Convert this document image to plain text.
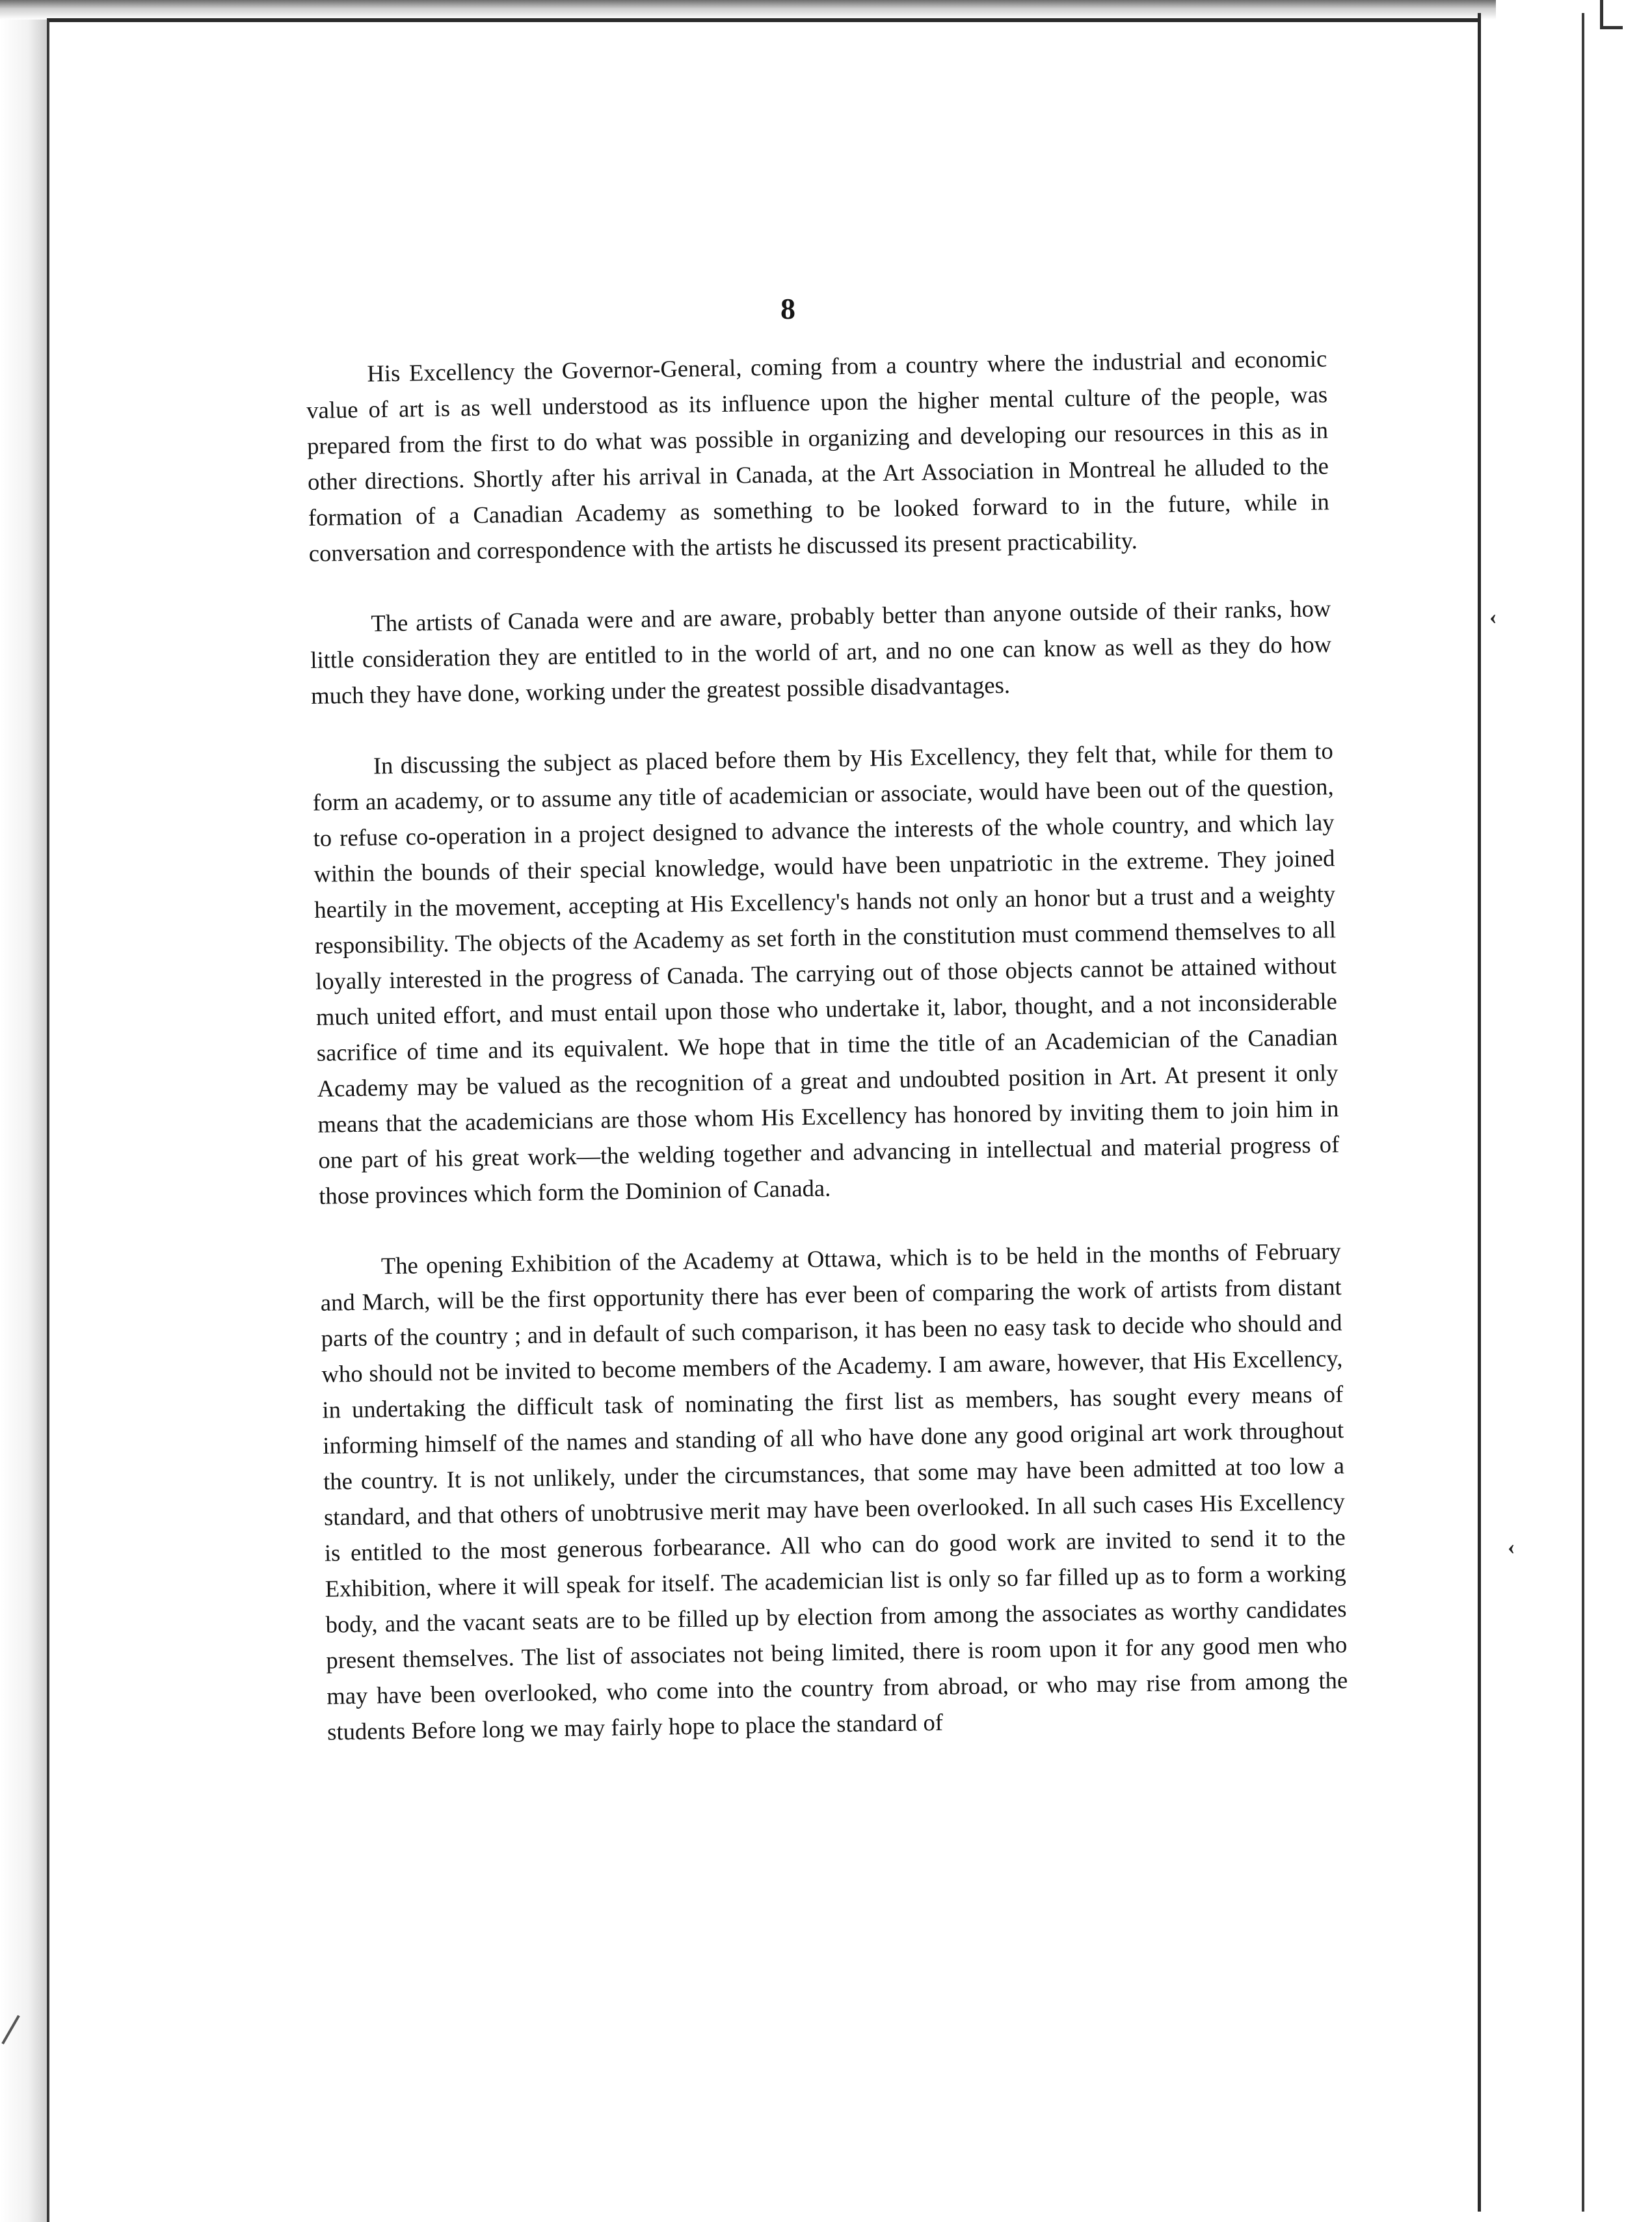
‹
‹
8

His Excellency the Governor-General, coming from a country where the industrial and economic value of art is as well understood as its influence upon the higher mental culture of the people, was prepared from the first to do what was possible in organizing and developing our resources in this as in other directions. Shortly after his arrival in Canada, at the Art Association in Montreal he alluded to the formation of a Canadian Academy as something to be looked forward to in the future, while in conversation and correspondence with the artists he discussed its present practicability.

The artists of Canada were and are aware, probably better than anyone outside of their ranks, how little consideration they are entitled to in the world of art, and no one can know as well as they do how much they have done, working under the greatest possible disadvantages.

In discussing the subject as placed before them by His Excellency, they felt that, while for them to form an academy, or to assume any title of academician or associate, would have been out of the question, to refuse co-operation in a project designed to advance the interests of the whole country, and which lay within the bounds of their special knowledge, would have been unpatriotic in the extreme. They joined heartily in the movement, accepting at His Excellency's hands not only an honor but a trust and a weighty responsibility. The objects of the Academy as set forth in the constitution must commend themselves to all loyally interested in the progress of Canada. The carrying out of those objects cannot be attained without much united effort, and must entail upon those who undertake it, labor, thought, and a not inconsiderable sacrifice of time and its equivalent. We hope that in time the title of an Academician of the Canadian Academy may be valued as the recognition of a great and undoubted position in Art. At present it only means that the academicians are those whom His Excellency has honored by inviting them to join him in one part of his great work—the welding together and advancing in intellectual and material progress of those provinces which form the Dominion of Canada.

The opening Exhibition of the Academy at Ottawa, which is to be held in the months of February and March, will be the first opportunity there has ever been of comparing the work of artists from distant parts of the country ; and in default of such comparison, it has been no easy task to decide who should and who should not be invited to become members of the Academy. I am aware, however, that His Excellency, in undertaking the difficult task of nominating the first list as members, has sought every means of informing himself of the names and standing of all who have done any good original art work throughout the country. It is not unlikely, under the circumstances, that some may have been admitted at too low a standard, and that others of unobtrusive merit may have been overlooked. In all such cases His Excellency is entitled to the most generous forbearance. All who can do good work are invited to send it to the Exhibition, where it will speak for itself. The academician list is only so far filled up as to form a working body, and the vacant seats are to be filled up by election from among the associates as worthy candidates present themselves. The list of associates not being limited, there is room upon it for any good men who may have been overlooked, who come into the country from abroad, or who may rise from among the students Before long we may fairly hope to place the standard of
